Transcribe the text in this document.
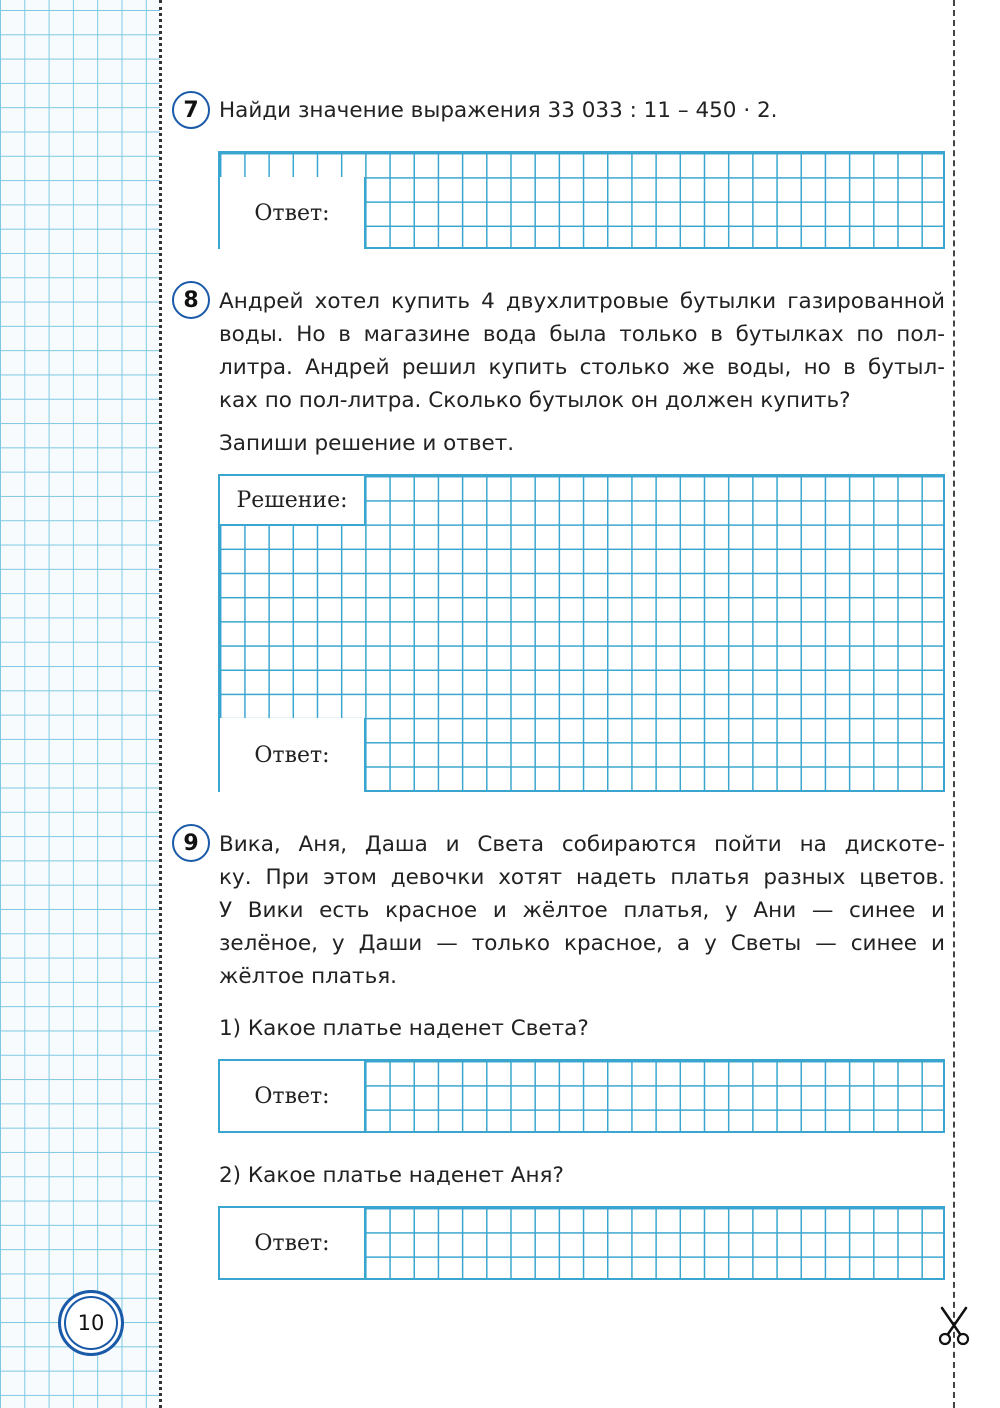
7 Найди значение выражения 33 033 : 11 – 450 · 2.
Ответ:
8 Андрей хотел купить 4 двухлитровые бутылки газированной
воды. Но в магазине вода была только в бутылках по пол-
литра. Андрей решил купить столько же воды, но в бутыл-
ках по пол-литра. Сколько бутылок он должен купить?
Запиши решение и ответ.
Решение:
Ответ:
9 Вика, Аня, Даша и Света собираются пойти на дискоте-
ку. При этом девочки хотят надеть платья разных цветов.
У Вики есть красное и жёлтое платья, у Ани — синее и
зелёное, у Даши — только красное, а у Светы — синее и
жёлтое платья.
1) Какое платье наденет Света?
Ответ:
2) Какое платье наденет Аня?
Ответ:
10
